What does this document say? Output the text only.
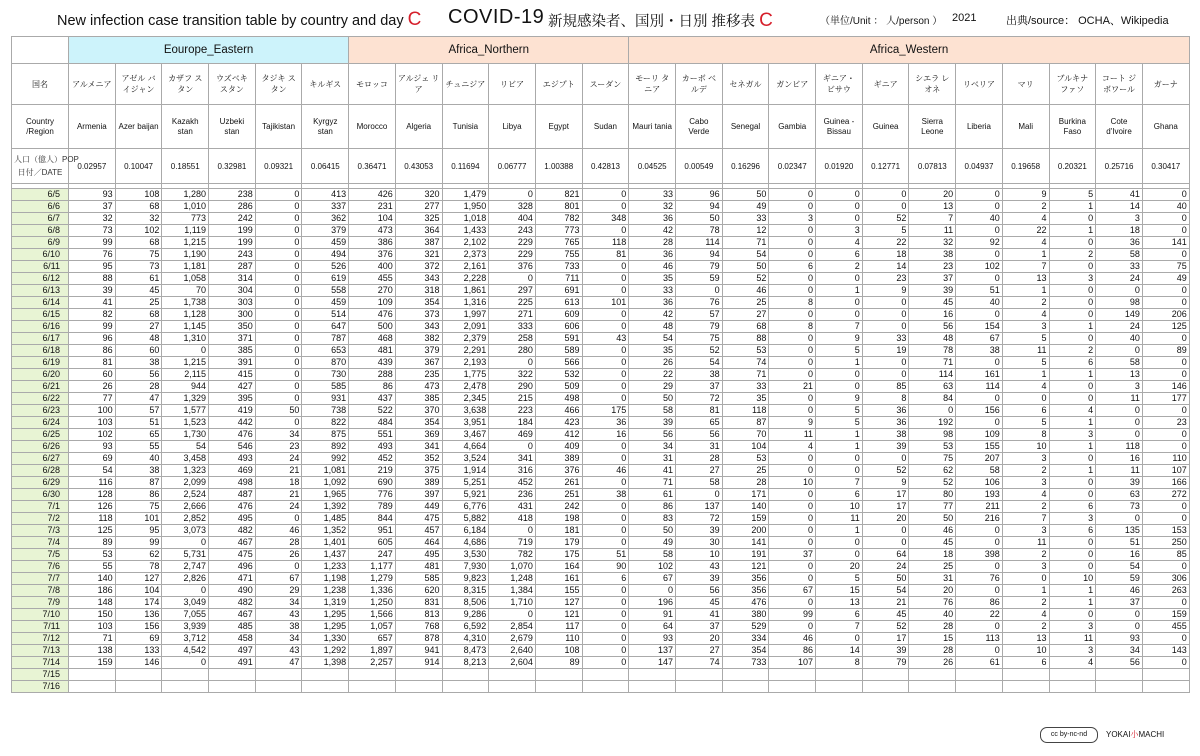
New infection case transition table by country and day C COVID-19 新規感染者、国別・日別 推移表 C	（単位/Unit ： 人/person ） 2021	出典/source： OCHA、Wikipedia
	Eourope_Eastern						Africa_Northern						Africa_Western											
国名	アルメニア	アゼル バイジャン	カザフ スタン	ウズベキ スタン	タジキ スタン	キルギス	モロッコ	アルジェ リア	チュニジア	リビア	エジプト	スーダン	モーリ タニア	カーボ ベルデ	セネガル	ガンビア	ギニア・ ビサウ	ギニア	シエラ レオネ	リベリア	マリ	ブルキナ ファソ	コート ジボワール	ガーナ
Country /Region	Armenia	Azer baijan	Kazakh stan	Uzbeki stan	Tajikistan	Kyrgyz stan	Morocco	Algeria	Tunisia	Libya	Egypt	Sudan	Mauri tania	Cabo Verde	Senegal	Gambia	Guinea -Bissau	Guinea	Sierra Leone	Liberia	Mali	Burkina Faso	Cote d'Ivoire	Ghana

人口（億人）POP
日付／DATE	0.02957	0.10047	0.18551	0.32981	0.09321	0.06415	0.36471	0.43053	0.11694	0.06777	1.00388	0.42813	0.04525	0.00549	0.16296	0.02347	0.01920	0.12771	0.07813	0.04937	0.19658	0.20321	0.25716	0.30417

6/5	93	108	1,280	238	0	413	426	320	1,479	0	821	0	33	96	50	0	0	0	20	0	9	5	41	0
6/6	37	68	1,010	286	0	337	231	277	1,950	328	801	0	32	94	49	0	0	0	13	0	2	1	14	40
6/7	32	32	773	242	0	362	104	325	1,018	404	782	348	36	50	33	3	0	52	7	40	4	0	3	0
6/8	73	102	1,119	199	0	379	473	364	1,433	243	773	0	42	78	12	0	3	5	11	0	22	1	18	0
6/9	99	68	1,215	199	0	459	386	387	2,102	229	765	118	28	114	71	0	4	22	32	92	4	0	36	141
6/10	76	75	1,190	243	0	494	376	321	2,373	229	755	81	36	94	54	0	6	18	38	0	1	2	58	0
6/11	95	73	1,181	287	0	526	400	372	2,161	376	733	0	46	79	50	6	2	14	23	102	7	0	33	75
6/12	88	61	1,058	314	0	619	455	343	2,228	0	711	0	35	59	52	0	0	23	37	0	13	3	24	49
6/13	39	45	70	304	0	558	270	318	1,861	297	691	0	33	0	46	0	1	9	39	51	1	0	0	0
6/14	41	25	1,738	303	0	459	109	354	1,316	225	613	101	36	76	25	8	0	0	45	40	2	0	98	0
6/15	82	68	1,128	300	0	514	476	373	1,997	271	609	0	42	57	27	0	0	0	16	0	4	0	149	206
6/16	99	27	1,145	350	0	647	500	343	2,091	333	606	0	48	79	68	8	7	0	56	154	3	1	24	125
6/17	96	48	1,310	371	0	787	468	382	2,379	258	591	43	54	75	88	0	9	33	48	67	5	0	40	0
6/18	86	60	0	385	0	653	481	379	2,291	280	589	0	35	52	53	0	5	19	78	38	11	2	0	89
6/19	81	38	1,215	391	0	870	439	367	2,193	0	566	0	26	54	74	0	1	0	71	0	5	6	58	0
6/20	60	56	2,115	415	0	730	288	235	1,775	322	532	0	22	38	71	0	0	0	114	161	1	1	13	0
6/21	26	28	944	427	0	585	86	473	2,478	290	509	0	29	37	33	21	0	85	63	114	4	0	3	146
6/22	77	47	1,329	395	0	931	437	385	2,345	215	498	0	50	72	35	0	9	8	84	0	0	0	11	177
6/23	100	57	1,577	419	50	738	522	370	3,638	223	466	175	58	81	118	0	5	36	0	156	6	4	0	0
6/24	103	51	1,523	442	0	822	484	354	3,951	184	423	36	39	65	87	9	5	36	192	0	5	1	0	23
6/25	102	65	1,730	476	34	875	551	369	3,467	469	412	16	56	56	70	11	1	38	98	109	8	3	0	0
6/26	93	55	54	546	23	892	493	341	4,664	0	409	0	34	31	104	4	1	39	53	155	10	1	118	0
6/27	69	40	3,458	493	24	992	452	352	3,524	341	389	0	31	28	53	0	0	0	75	207	3	0	16	110
6/28	54	38	1,323	469	21	1,081	219	375	1,914	316	376	46	41	27	25	0	0	52	62	58	2	1	11	107
6/29	116	87	2,099	498	18	1,092	690	389	5,251	452	261	0	71	58	28	10	7	9	52	106	3	0	39	166
6/30	128	86	2,524	487	21	1,965	776	397	5,921	236	251	38	61	0	171	0	6	17	80	193	4	0	63	272
7/1	126	75	2,666	476	24	1,392	789	449	6,776	431	242	0	86	137	140	0	10	17	77	211	2	6	73	0
7/2	118	101	2,852	495	0	1,485	844	475	5,882	418	198	0	83	72	159	0	11	20	50	216	7	3	0	0
7/3	125	95	3,073	482	46	1,352	951	457	6,184	0	181	0	50	39	200	0	1	0	46	0	3	6	135	153
7/4	89	99	0	467	28	1,401	605	464	4,686	719	179	0	49	30	141	0	0	0	45	0	11	0	51	250
7/5	53	62	5,731	475	26	1,437	247	495	3,530	782	175	51	58	10	191	37	0	64	18	398	2	0	16	85
7/6	55	78	2,747	496	0	1,233	1,177	481	7,930	1,070	164	90	102	43	121	0	20	24	25	0	3	0	54	0
7/7	140	127	2,826	471	67	1,198	1,279	585	9,823	1,248	161	6	67	39	356	0	5	50	31	76	0	10	59	306
7/8	186	104	0	490	29	1,238	1,336	620	8,315	1,384	155	0	0	56	356	67	15	54	20	0	1	1	46	263
7/9	148	174	3,049	482	34	1,319	1,250	831	8,506	1,710	127	0	196	45	476	0	13	21	76	86	2	1	37	0
7/10	150	136	7,055	467	43	1,295	1,566	813	9,286	0	121	0	91	41	380	99	6	45	40	22	4	0	0	159
7/11	103	156	3,939	485	38	1,295	1,057	768	6,592	2,854	117	0	64	37	529	0	7	52	28	0	2	3	0	455
7/12	71	69	3,712	458	34	1,330	657	878	4,310	2,679	110	0	93	20	334	46	0	17	15	113	13	11	93	0
7/13	138	133	4,542	497	43	1,292	1,897	941	8,473	2,640	108	0	137	27	354	86	14	39	28	0	10	3	34	143
7/14	159	146	0	491	47	1,398	2,257	914	8,213	2,604	89	0	147	74	733	107	8	79	26	61	6	4	56	0
7/15																								
7/16																								
cc by-nc-nd	YOKAI小MACHI
